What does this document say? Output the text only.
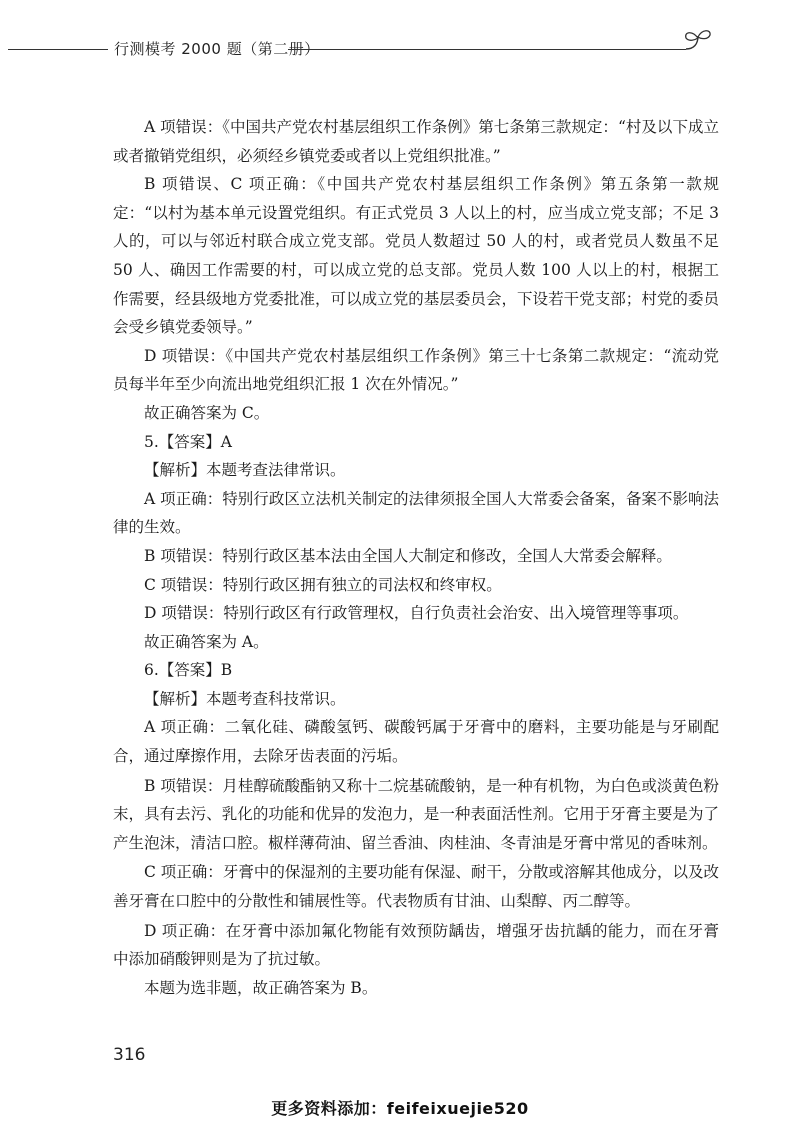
行测模考 2000 题（第二册）

A 项错误：《中国共产党农村基层组织工作条例》第七条第三款规定：“村及以下成立或者撤销党组织，必须经乡镇党委或者以上党组织批准。”

B 项错误、C 项正确：《中国共产党农村基层组织工作条例》第五条第一款规定：“以村为基本单元设置党组织。有正式党员 3 人以上的村，应当成立党支部；不足 3 人的，可以与邻近村联合成立党支部。党员人数超过 50 人的村，或者党员人数虽不足 50 人、确因工作需要的村，可以成立党的总支部。党员人数 100 人以上的村，根据工作需要，经县级地方党委批准，可以成立党的基层委员会，下设若干党支部；村党的委员会受乡镇党委领导。”

D 项错误：《中国共产党农村基层组织工作条例》第三十七条第二款规定：“流动党员每半年至少向流出地党组织汇报 1 次在外情况。”

故正确答案为 C。

5.【答案】A

【解析】本题考查法律常识。

A 项正确：特别行政区立法机关制定的法律须报全国人大常委会备案，备案不影响法律的生效。

B 项错误：特别行政区基本法由全国人大制定和修改，全国人大常委会解释。

C 项错误：特别行政区拥有独立的司法权和终审权。

D 项错误：特别行政区有行政管理权，自行负责社会治安、出入境管理等事项。

故正确答案为 A。

6.【答案】B

【解析】本题考查科技常识。

A 项正确：二氧化硅、磷酸氢钙、碳酸钙属于牙膏中的磨料，主要功能是与牙刷配合，通过摩擦作用，去除牙齿表面的污垢。

B 项错误：月桂醇硫酸酯钠又称十二烷基硫酸钠，是一种有机物，为白色或淡黄色粉末，具有去污、乳化的功能和优异的发泡力，是一种表面活性剂。它用于牙膏主要是为了产生泡沫，清洁口腔。椒样薄荷油、留兰香油、肉桂油、冬青油是牙膏中常见的香味剂。

C 项正确：牙膏中的保湿剂的主要功能有保湿、耐干，分散或溶解其他成分，以及改善牙膏在口腔中的分散性和铺展性等。代表物质有甘油、山梨醇、丙二醇等。

D 项正确：在牙膏中添加氟化物能有效预防龋齿，增强牙齿抗龋的能力，而在牙膏中添加硝酸钾则是为了抗过敏。

本题为选非题，故正确答案为 B。

316
更多资料添加：feifeixuejie520
